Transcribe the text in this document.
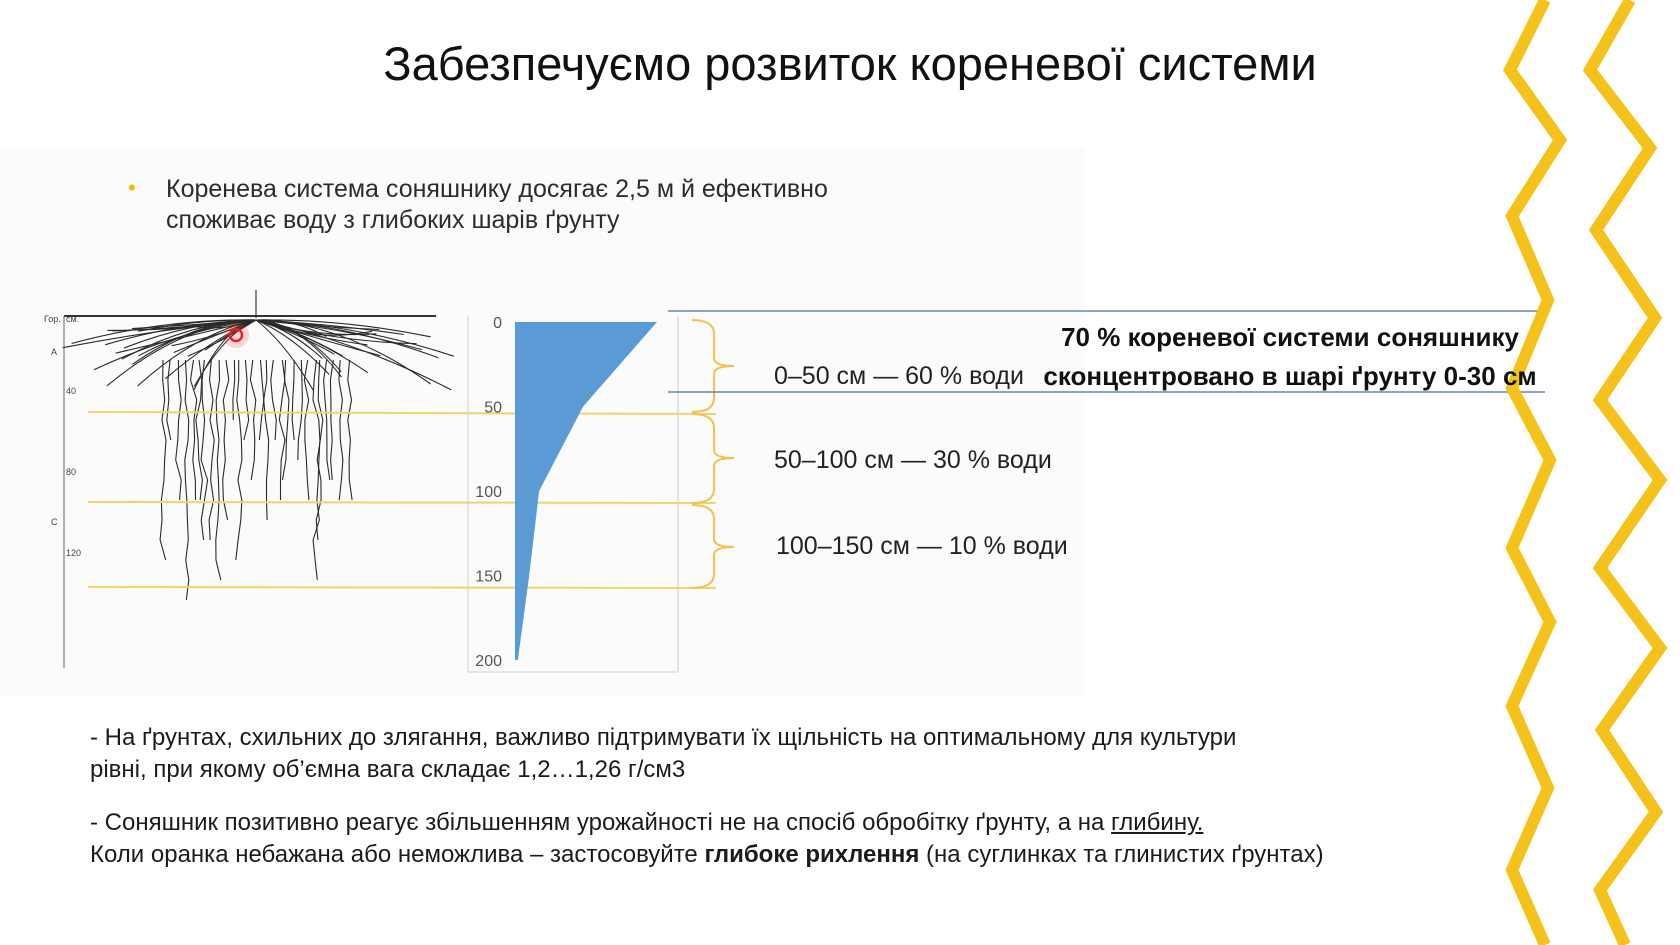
Забезпечуємо розвиток кореневої системи
• Коренева система соняшнику досягає 2,5 м й ефективно
споживає воду з глибоких шарів ґрунту
Гор. см.
A
40
80
C
120
0
50
100
150
200
0–50 см — 60 % води
50–100 см — 30 % води
100–150 см — 10 % води
70 % кореневої системи соняшнику
сконцентровано в шарі ґрунту 0-30 см
- На ґрунтах, схильних до злягання, важливо підтримувати їх щільність на оптимальному для культури
рівні, при якому об’ємна вага складає 1,2…1,26 г/см3
- Соняшник позитивно реагує збільшенням урожайності не на спосіб обробітку ґрунту, а на глибину.
Коли оранка небажана або неможлива – застосовуйте глибоке рихлення (на суглинках та глинистих ґрунтах)
